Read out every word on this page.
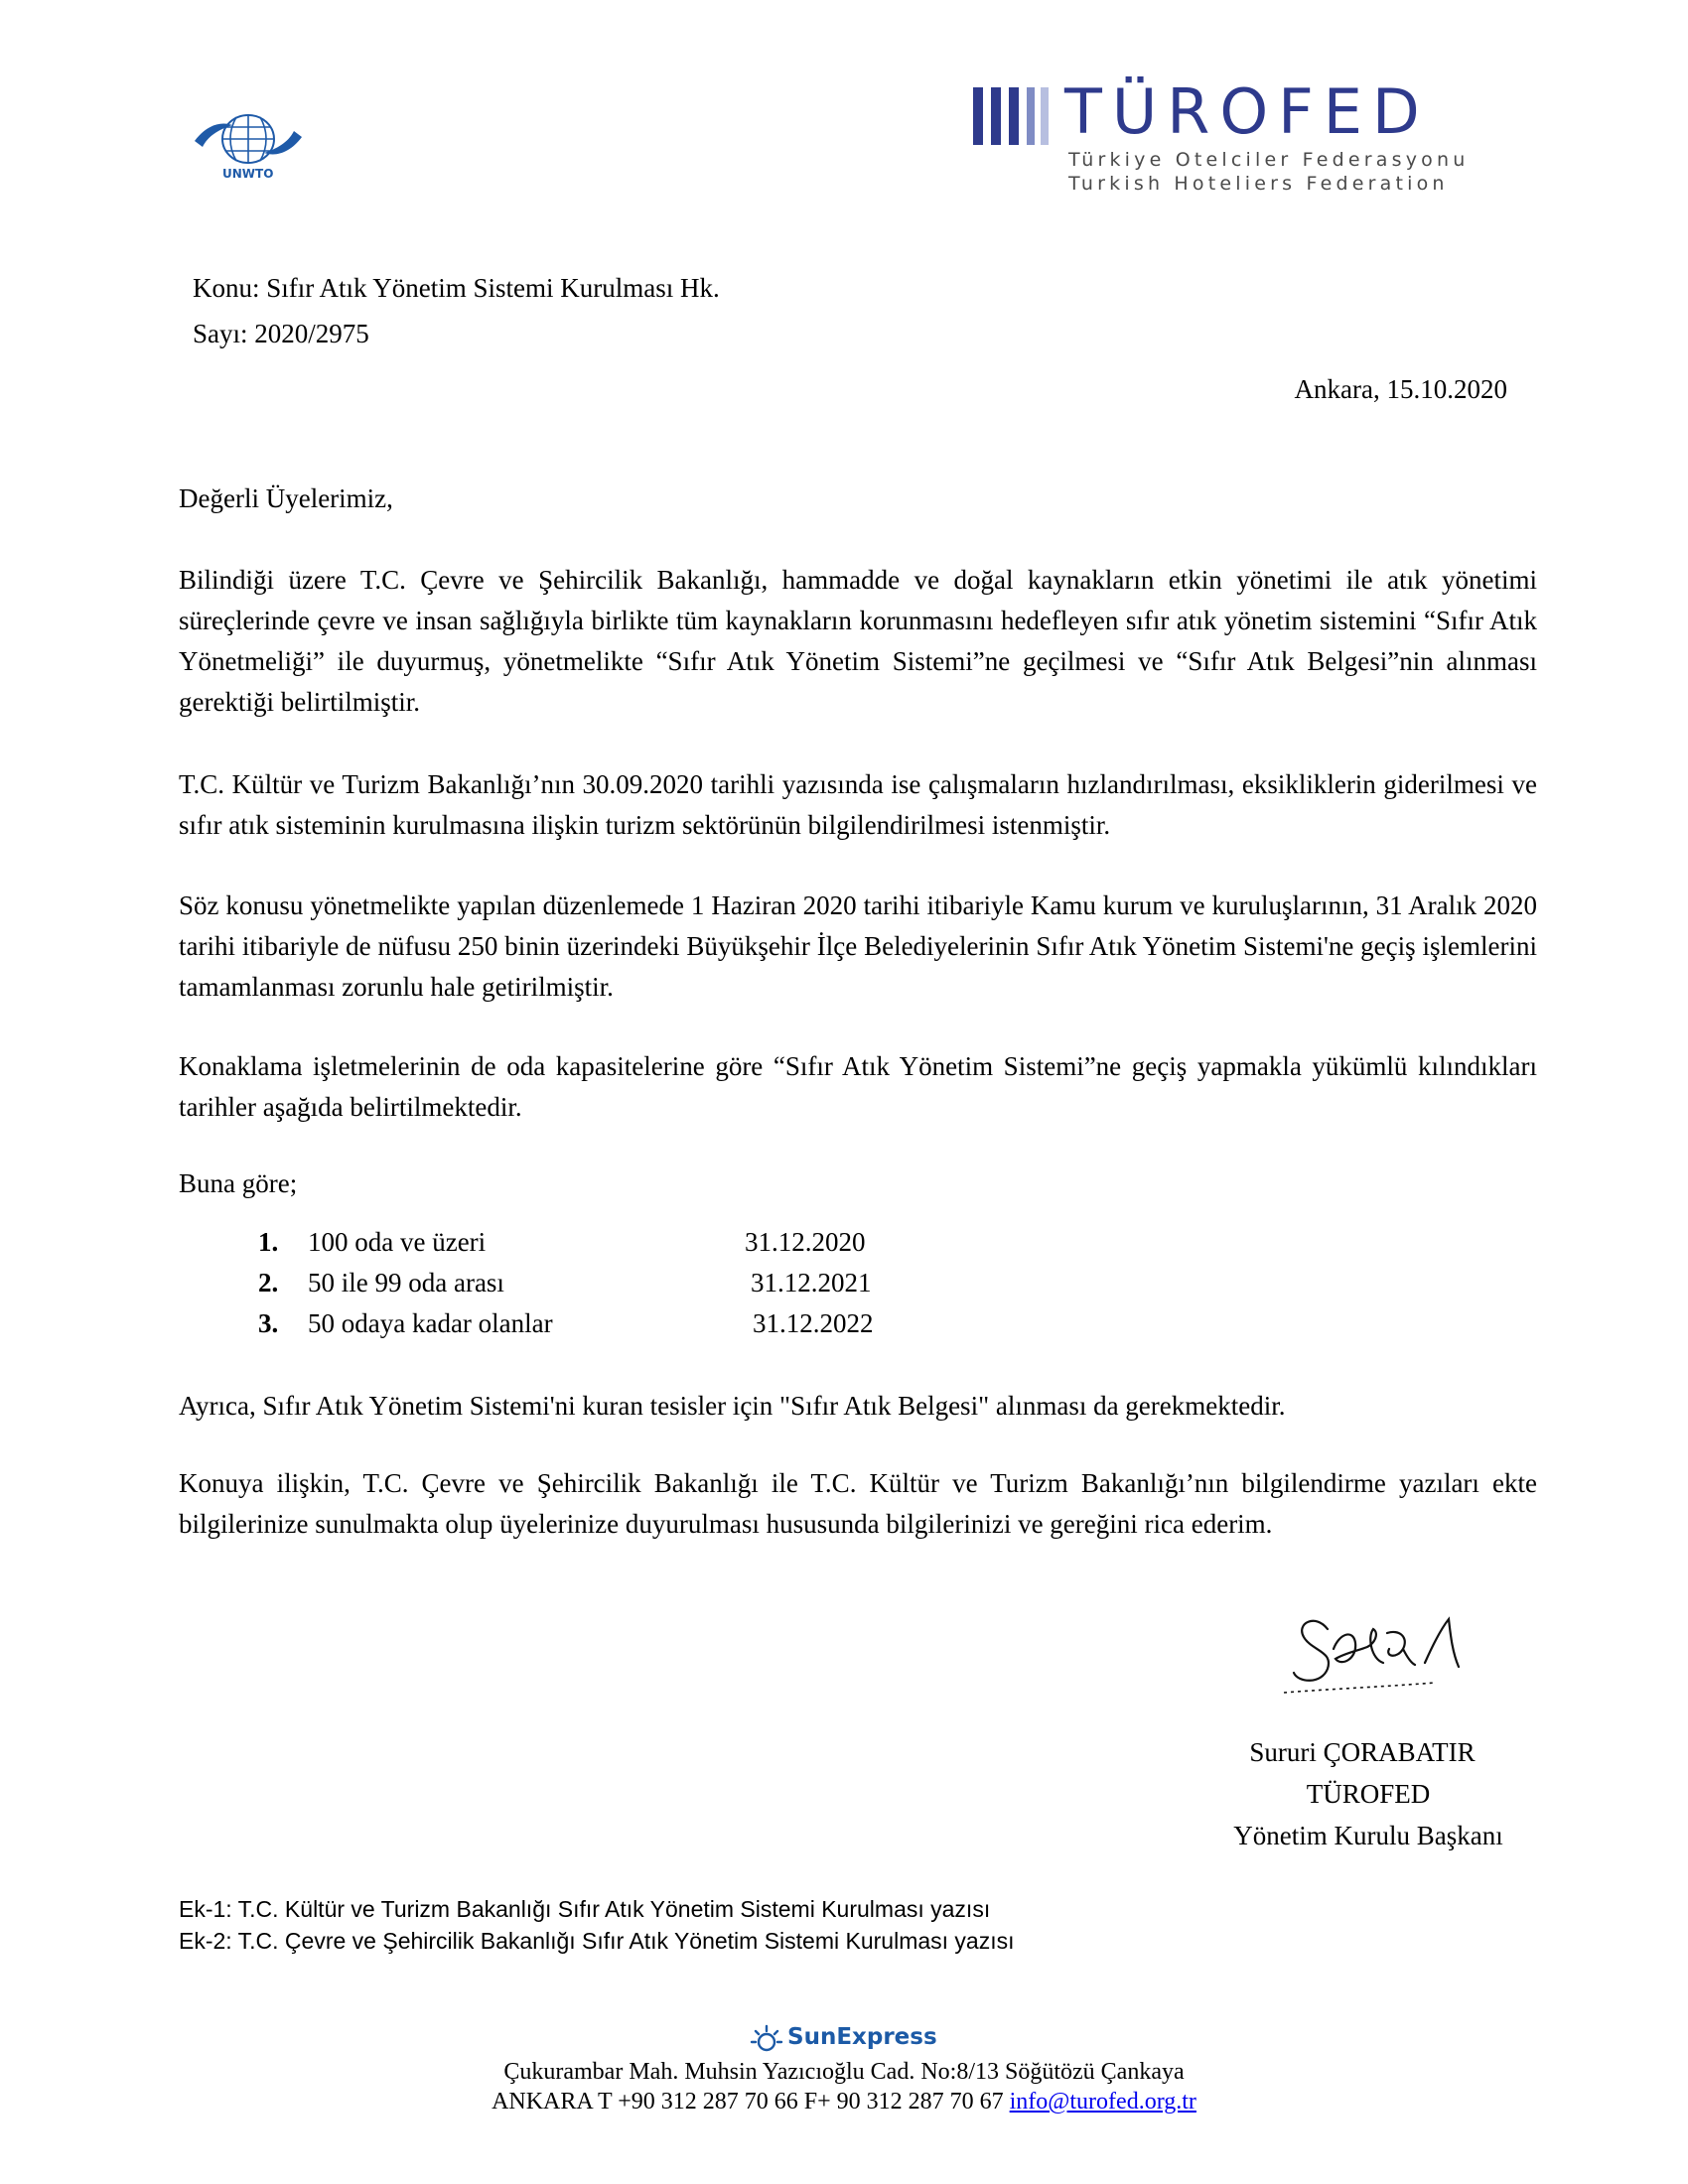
UNWTO
TÜROFED
Türkiye Otelciler Federasyonu
Turkish Hoteliers Federation
Konu: Sıfır Atık Yönetim Sistemi Kurulması Hk.
Sayı: 2020/2975
Ankara, 15.10.2020
Değerli Üyelerimiz,

Bilindiği üzere T.C. Çevre ve Şehircilik Bakanlığı, hammadde ve doğal kaynakların etkin yönetimi ile atık yönetimi süreçlerinde çevre ve insan sağlığıyla birlikte tüm kaynakların korunmasını hedefleyen sıfır atık yönetim sistemini “Sıfır Atık Yönetmeliği” ile duyurmuş, yönetmelikte “Sıfır Atık Yönetim Sistemi”ne geçilmesi ve “Sıfır Atık Belgesi”nin alınması gerektiği belirtilmiştir.

T.C. Kültür ve Turizm Bakanlığı’nın 30.09.2020 tarihli yazısında ise çalışmaların hızlandırılması, eksikliklerin giderilmesi ve sıfır atık sisteminin kurulmasına ilişkin turizm sektörünün bilgilendirilmesi istenmiştir.

Söz konusu yönetmelikte yapılan düzenlemede 1 Haziran 2020 tarihi itibariyle Kamu kurum ve kuruluşlarının, 31 Aralık 2020 tarihi itibariyle de nüfusu 250 binin üzerindeki Büyükşehir İlçe Belediyelerinin Sıfır Atık Yönetim Sistemi'ne geçiş işlemlerini tamamlanması zorunlu hale getirilmiştir.

Konaklama işletmelerinin de oda kapasitelerine göre “Sıfır Atık Yönetim Sistemi”ne geçiş yapmakla yükümlü kılındıkları tarihler aşağıda belirtilmektedir.

Buna göre;
1. 100 oda ve üzeri	31.12.2020
2. 50 ile 99 oda arası	31.12.2021
3. 50 odaya kadar olanlar	31.12.2022
Ayrıca, Sıfır Atık Yönetim Sistemi'ni kuran tesisler için "Sıfır Atık Belgesi" alınması da gerekmektedir.

Konuya ilişkin, T.C. Çevre ve Şehircilik Bakanlığı ile T.C. Kültür ve Turizm Bakanlığı’nın bilgilendirme yazıları ekte bilgilerinize sunulmakta olup üyelerinize duyurulması hususunda bilgilerinizi ve gereğini rica ederim.

Sururi ÇORABATIR
TÜROFED
Yönetim Kurulu Başkanı
Ek-1: T.C. Kültür ve Turizm Bakanlığı Sıfır Atık Yönetim Sistemi Kurulması yazısı
Ek-2: T.C. Çevre ve Şehircilik Bakanlığı Sıfır Atık Yönetim Sistemi Kurulması yazısı
SunExpress
Çukurambar Mah. Muhsin Yazıcıoğlu Cad. No:8/13 Söğütözü Çankaya
ANKARA T +90 312 287 70 66 F+ 90 312 287 70 67 info@turofed.org.tr
